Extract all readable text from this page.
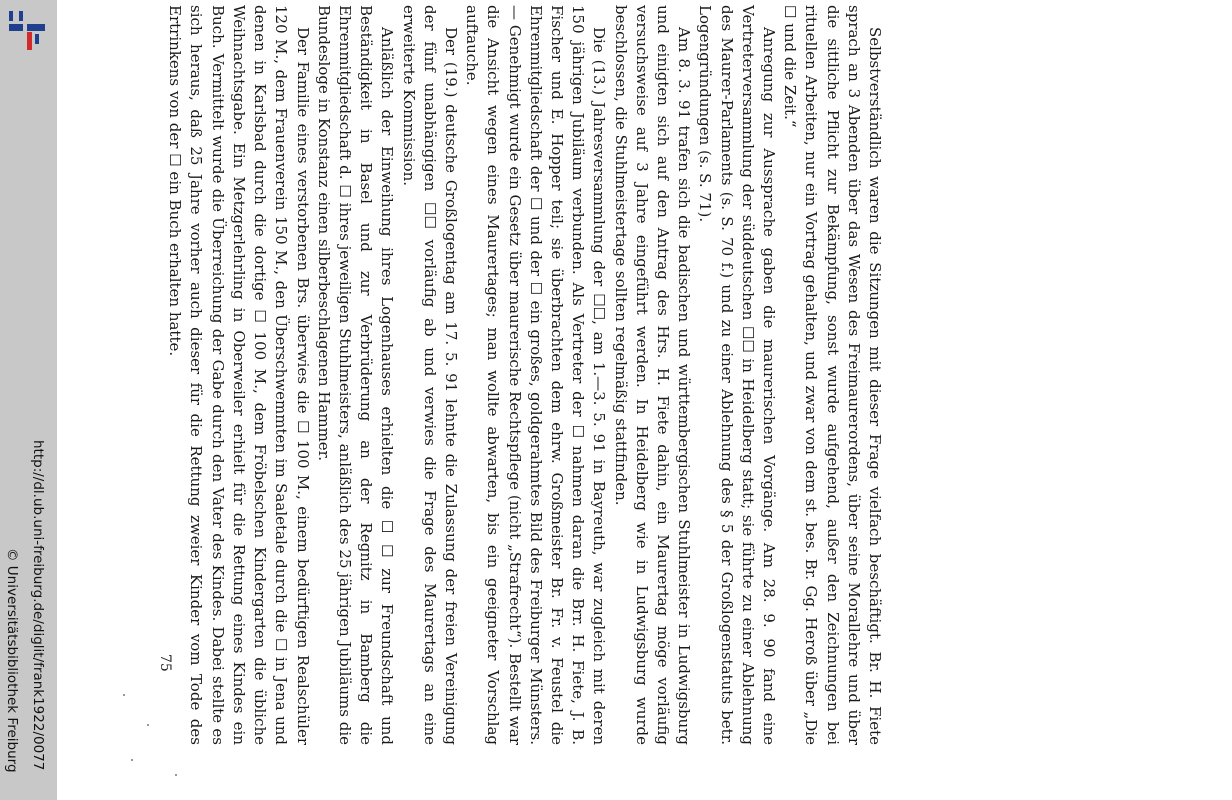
http://dl.ub.uni-freiburg.de/diglit/frank1922/0077
© Universitätsbibliothek Freiburg	Selbstverständlich waren die Sitzungen mit dieser Frage vielfach beschäftigt. Br. H. Fiete sprach an 3 Abenden über das Wesen des Freimaurerordens, über seine Morallehre und über die sittliche Pflicht zur Bekämpfung, sonst wurde aufgehend, außer den Zeichnungen bei rituellen Arbeiten, nur ein Vortrag gehalten, und zwar von dem st. bes. Br. Gg. Heroß über „Die ☐ und die Zeit.“

Anregung zur Aussprache gaben die maurerischen Vorgänge. Am 28. 9. 90 fand eine Vertreterversammlung der süddeutschen ☐☐ in Heidelberg statt; sie führte zu einer Ablehnung des Maurer-Parlaments (s. S. 70 f.) und zu einer Ablehnung des § 5 der Großlogenstatuts betr. Logengründungen (s. S. 71).

Am 8. 3. 91 trafen sich die badischen und württembergischen Stuhlmeister in Ludwigsburg und einigten sich auf den Antrag des Hrs. H. Fiete dahin, ein Maurertag möge vorläufig versuchsweise auf 3 Jahre eingeführt werden. In Heidelberg wie in Ludwigsburg wurde beschlossen, die Stuhlmeistertage sollten regelmäßig stattfinden.

Die (13.) Jahresversammlung der ☐☐, am 1.—3. 5. 91 in Bayreuth, war zugleich mit deren 150 jährigen Jubiläum verbunden. Als Vertreter der ☐ nahmen daran die Brr. H. Fiete, J. B. Fischer und E. Hopper teil; sie überbrachten dem ehrw. Großmeister Br. Fr. v. Feustel die Ehrenmitgliedschaft der ☐ und der ☐ ein großes, goldgerahmtes Bild des Freiburger Münsters. — Genehmigt wurde ein Gesetz über maurerische Rechtspflege (nicht „Strafrecht“). Bestellt war die Ansicht wegen eines Maurertages; man wollte abwarten, bis ein geeigneter Vorschlag auftauche.

Der (19.) deutsche Großlogentag am 17. 5. 91 lehnte die Zulassung der freien Vereinigung der fünf unabhängigen ☐☐ vorläufig ab und verwies die Frage des Maurertags an eine erweiterte Kommission.

Anläßlich der Einweihung ihres Logenhauses erhielten die ☐ ☐ zur Freundschaft und Beständigkeit in Basel und zur Verbrüderung an der Regnitz in Bamberg die Ehrenmitgliedschaft d. ☐ ihres jeweiligen Stuhlmeisters, anläßlich des 25 jährigen Jubiläums die Bundesloge in Konstanz einen silberbeschlagenen Hammer.

Der Familie eines verstorbenen Brs. überwies die ☐ 100 M., einem bedürftigen Realschüler 120 M., dem Frauenverein 150 M., den Überschwemmten im Saaletale durch die ☐ in Jena und denen in Karlsbad durch die dortige ☐ 100 M., dem Fröbelschen Kindergarten die übliche Weihnachtsgabe. Ein Metzgerlehrling in Oberweiler erhielt für die Rettung eines Kindes ein Buch. Vermittelt wurde die Überreichung der Gabe durch den Vater des Kindes. Dabei stellte es sich heraus, daß 25 Jahre vorher auch dieser für die Rettung zweier Kinder vom Tode des Ertrinkens von der ☐ ein Buch erhalten hatte.

75
